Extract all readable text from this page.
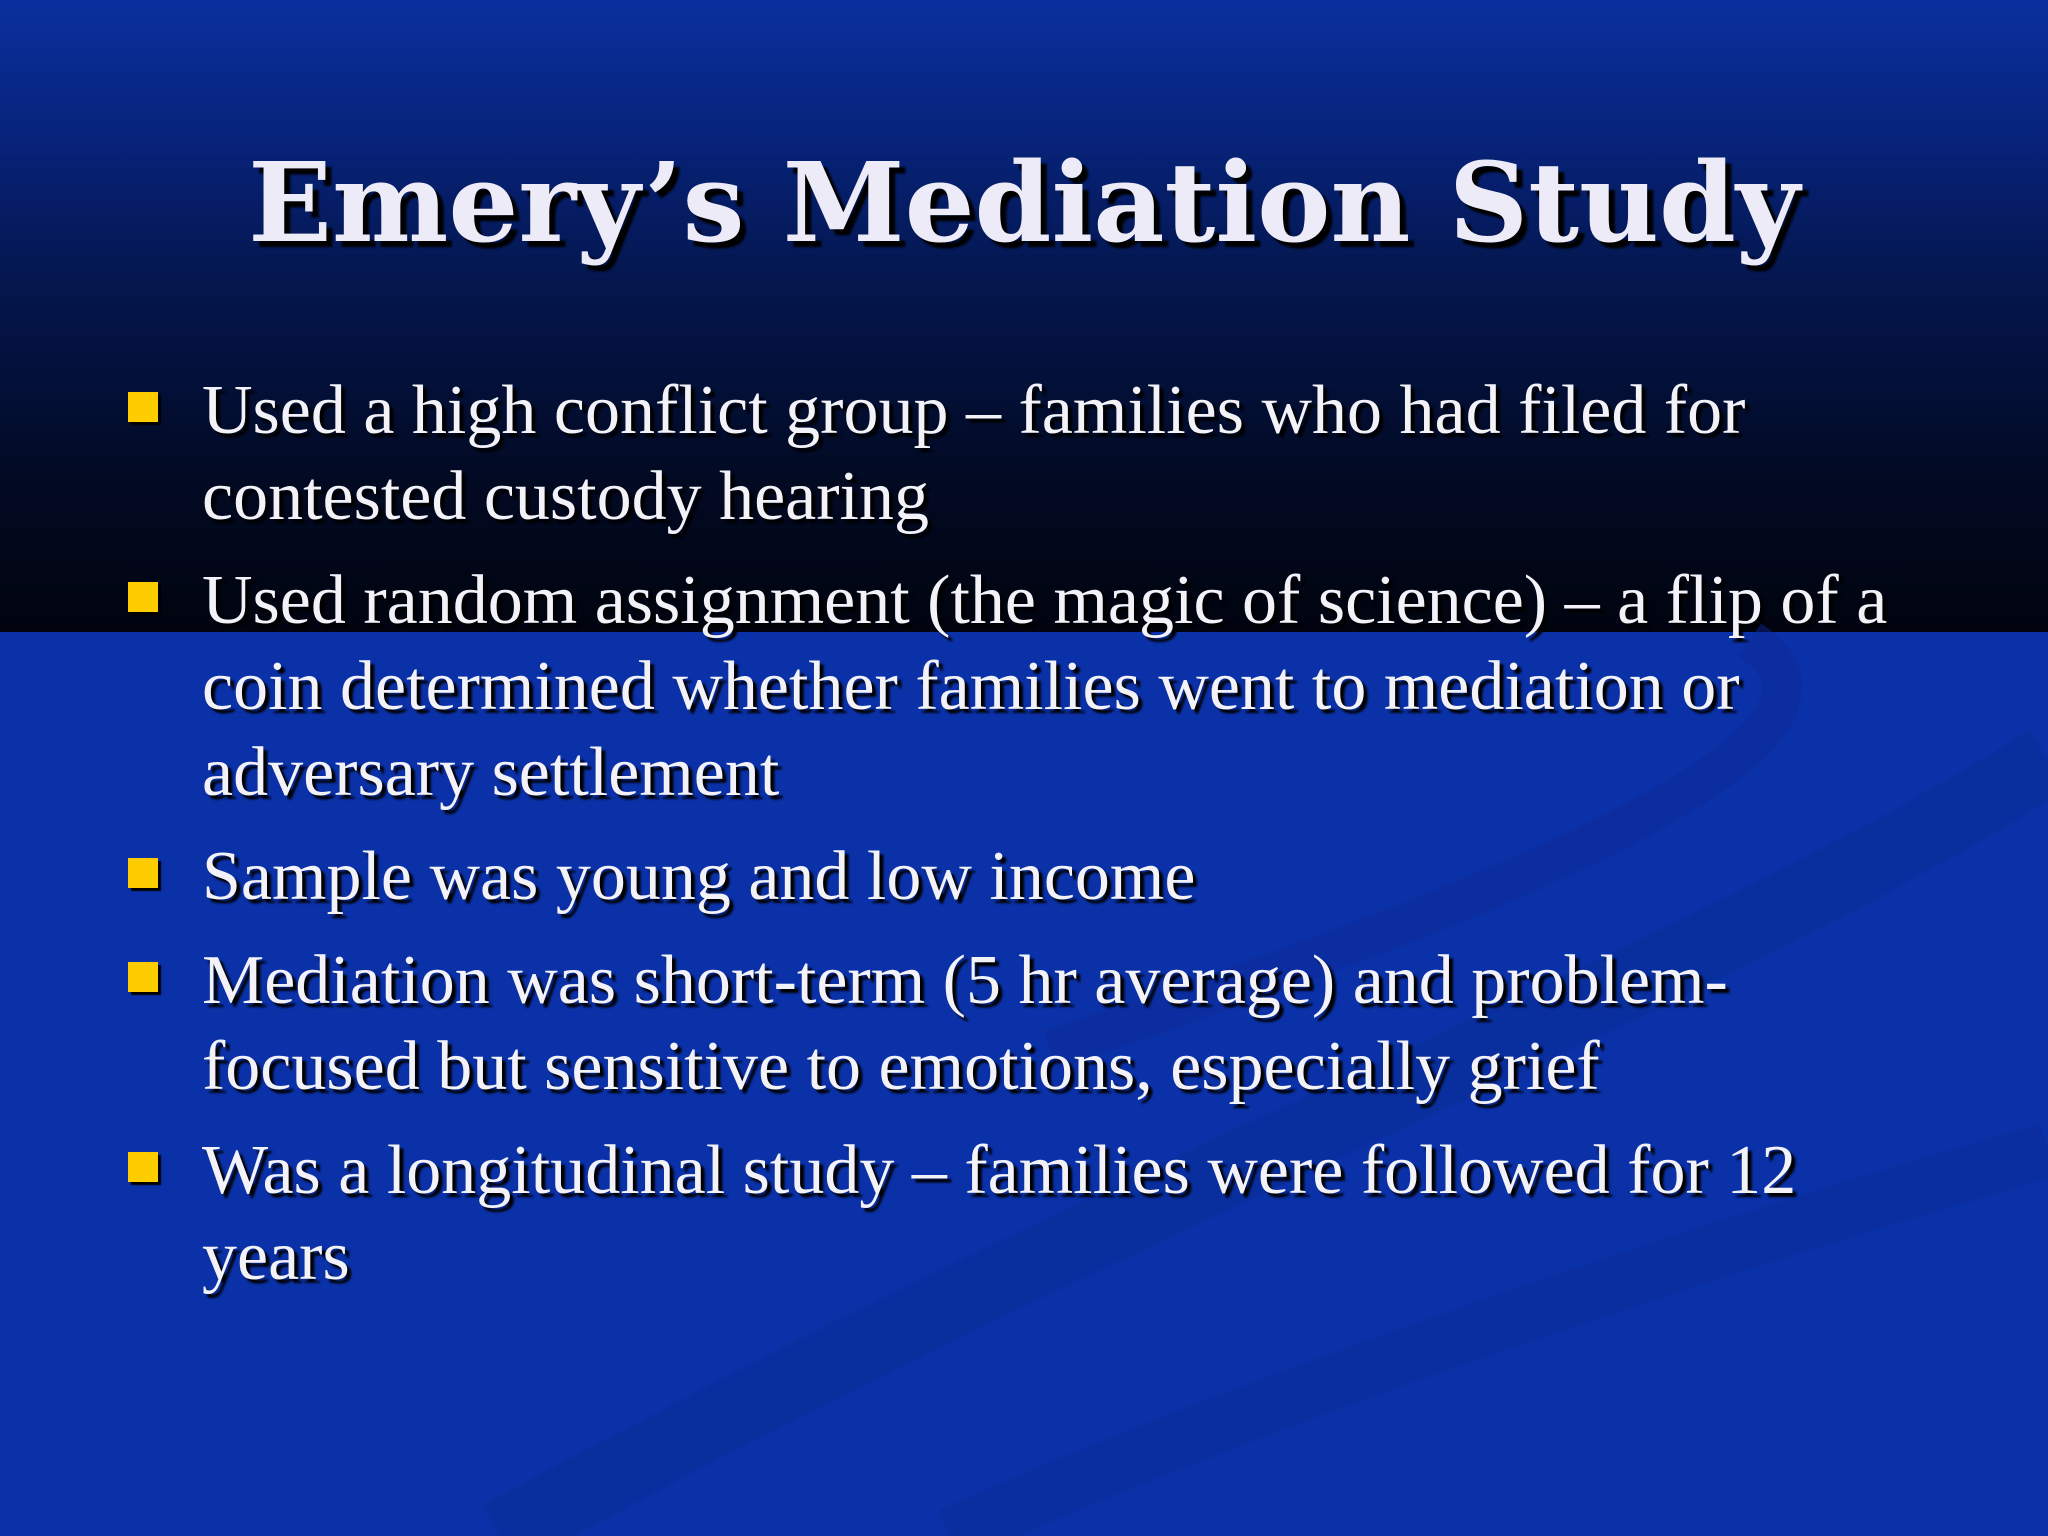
Emery’s Mediation Study
Used a high conflict group – families who had filed for contested custody hearing
Used random assignment (the magic of science) – a flip of a coin determined whether families went to mediation or adversary settlement
Sample was young and low income
Mediation was short-term (5 hr average) and problem-focused but sensitive to emotions, especially grief
Was a longitudinal study – families were followed for 12 years
